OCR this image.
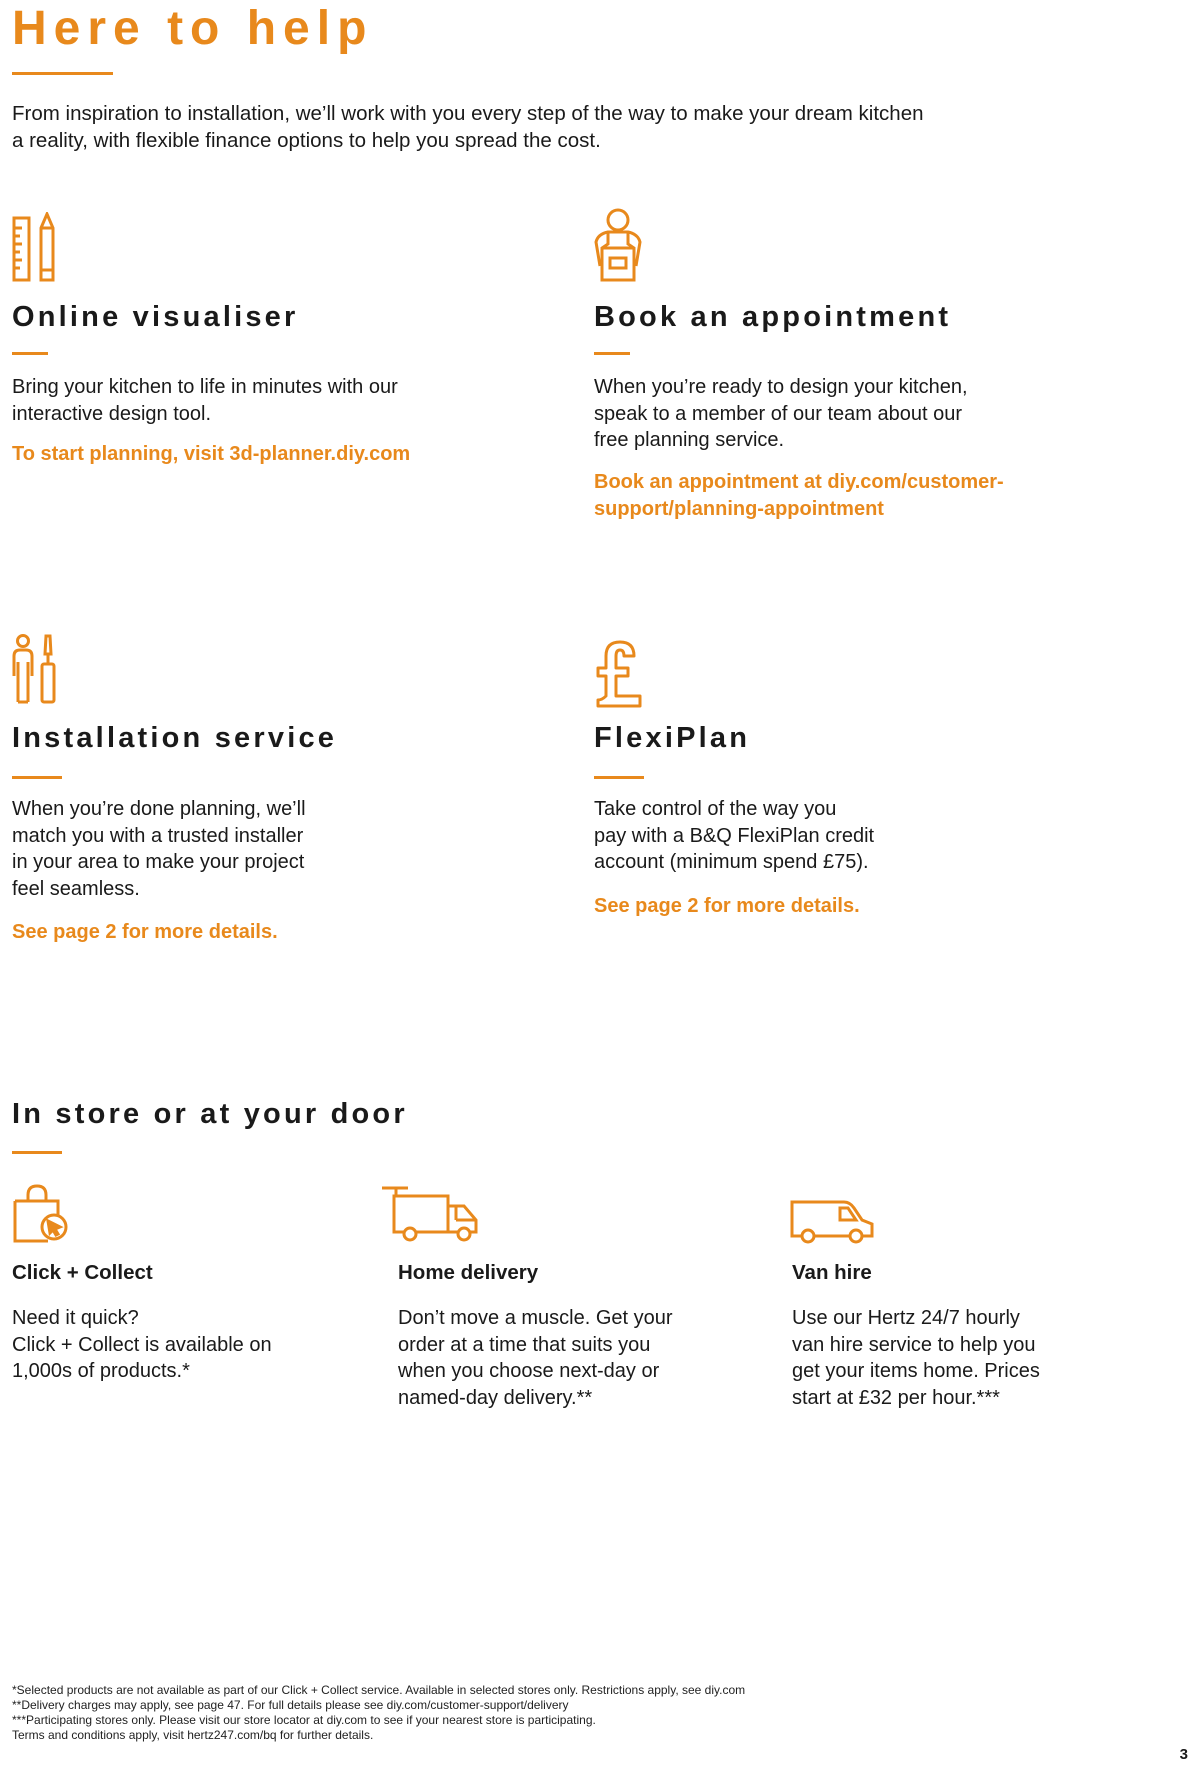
Here to help
From inspiration to installation, we’ll work with you every step of the way to make your dream kitchen
a reality, with flexible finance options to help you spread the cost.
Online visualiser
Bring your kitchen to life in minutes with our
interactive design tool.
To start planning, visit 3d-planner.diy.com
Book an appointment
When you’re ready to design your kitchen,
speak to a member of our team about our
free planning service.
Book an appointment at diy.com/customer-
support/planning-appointment
Installation service
When you’re done planning, we’ll
match you with a trusted installer
in your area to make your project
feel seamless.
See page 2 for more details.
FlexiPlan
Take control of the way you
pay with a B&Q FlexiPlan credit
account (minimum spend £75).
See page 2 for more details.
In store or at your door
Click + Collect
Need it quick?
Click + Collect is available on
1,000s of products.*
Home delivery
Don’t move a muscle. Get your
order at a time that suits you
when you choose next-day or
named-day delivery.**
Van hire
Use our Hertz 24/7 hourly
van hire service to help you
get your items home. Prices
start at £32 per hour.***
*Selected products are not available as part of our Click + Collect service. Available in selected stores only. Restrictions apply, see diy.com
**Delivery charges may apply, see page 47. For full details please see diy.com/customer-support/delivery
***Participating stores only. Please visit our store locator at diy.com to see if your nearest store is participating.
Terms and conditions apply, visit hertz247.com/bq for further details.
3
